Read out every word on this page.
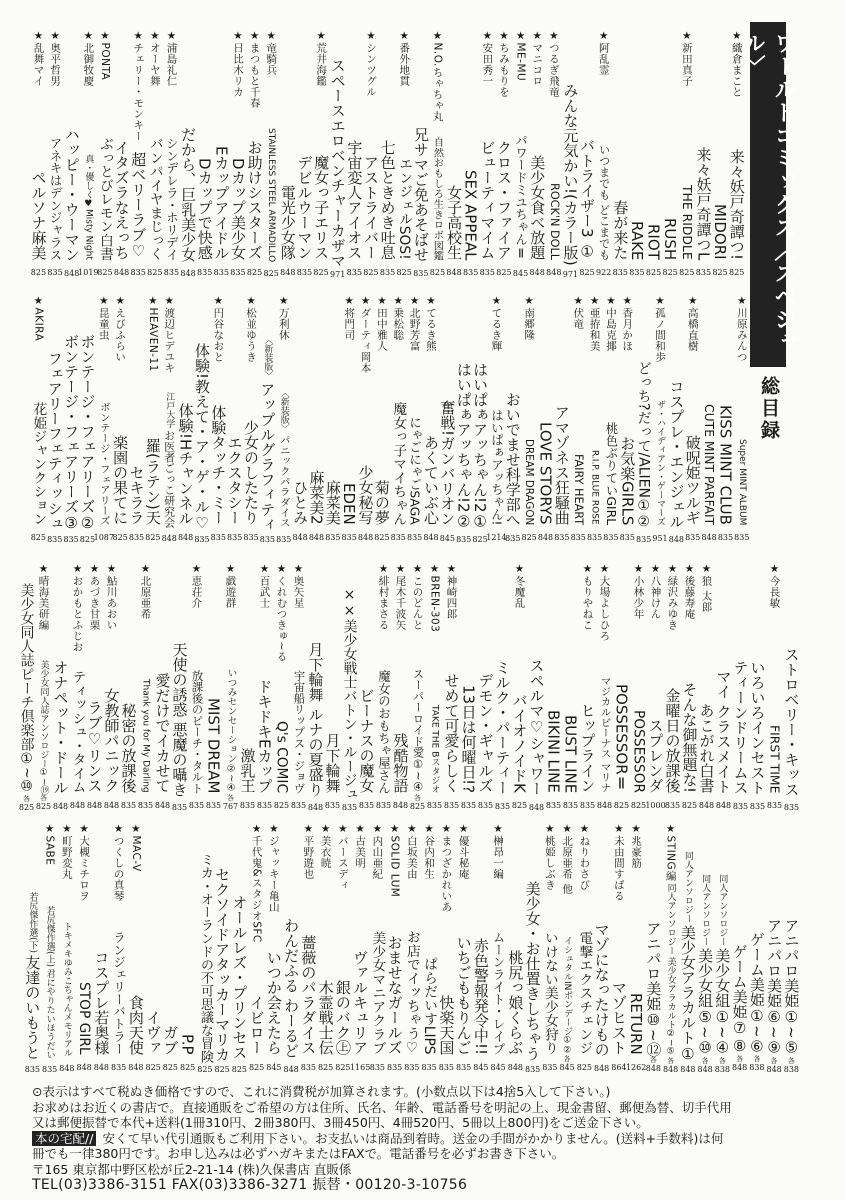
ワールドコミックス〈スペシャル〉
総目録
★織倉まこと
来々妖戸奇譚つ!
825
MIDORI
825
来々妖戸奇譚つL
835
★新田真子
THE RIDDLE
825
RUSH
825
RIOT
825
RAKE
835
春が来た
835
★阿乱霊
いつまでも どこまでも
922
バトライザー3 ①
825
みんな元気かい!(カラー版)
971
★つるぎ飛竜
ROCK'N DOLL
848
★マニコロ
美少女食べ放題
848
★ME-MU
パワードミユちゃんⅡ
845
★ちみもりを
クロス・ファイア
825
★安田秀一
ビューティマイム
835
SEX APPEAL
835
女子高校生
848
★N.O.ちゃちゃ丸
自然おもしろ生きロボ図鑑
825
兄サマご免あそばせ
835
★番外地貫
エンジェルSOS!
825
七色ときめき吐息
835
★シンツグル
アストライバー
825
宇宙変人アイオス
835
スペースエロベンチャーカザマ
971
★荒井海鑑
魔女っ子エリス
825
デビルウーマン
835
電光少女隊
848
★竜騎兵
STAINLESS STEEL ARMADILLO
825
★まつもと千春
お助けシスターズ
825
★日比木リカ
Dカップ美少女
835
Eカップアイドル
835
Dカップで快感
835
だから、巨乳美少女
848
★浦島礼仁
シンデレラ・ホリデイ
835
★オーヤ舞
バンパイヤまじっく
825
★チェリー・モンキー
超ベリーラブ♡
835
イタズラなえっち
848
★PONTA
ぶっとびレモン白書
825
★北御牧慶
真・優しく♥Misty Night
1019
ハッピー・ウーマン
848
★奥平哲男
アネキはデンジャラス
835
★乱舞マイ
ペルソナ麻美
825
★川原みんつ
Super MINT ALBUM
835
KISS MINT CLUB
835
CUTE MINT PARFAIT
848
★高橋直樹
破呪姫ツルギ
835
コスプレ・エンジェル
848
★孤ノ間和歩
ザ・ハイディアン・ゲーマーズ
951
どっち?だって/ALIEN①②
835
★香月かほ
お気楽GIRLS
835
★中島克揶
桃色ぶりていGIRL
835
★亜拵和美
R.I.P. BLUE ROSE
835
★伏竜
FAIRY HEART
835
アマゾネス狂騒曲
835
LOVE STORYS
848
★南郷隆
DREAM DRAGON
825
おいでませ科学部へ
835
★てるき輝
はいぱぁアッちゃん!
1214
はいぱぁアッちゃん!2①
825
はいぱぁアッちゃん!2②
835
奮戦!ガンバリオン
845
★てるき熊
あくていぶ心
848
★北野芳富
にゃごにゃごSAGA
835
★乗松聡
魔女っ子マイちゃん
835
★田中雅人
菊の夢
825
★ダーティ岡本
少女秘写
848
★将門司
EDEN
835
麻菜美
835
麻菜美2
848
ひとみ
848
★万利休
〈新装版〉パニックパラダイス
835
〈新装版〉アップルグラフィティ
835
★松並ゆうき
少女のしたたり
835
エクスタシー
835
★円谷なおと
体験タッチ・ミー
835
体験!教えて・ア・ゲ・ル♡
835
体験!Hチャンネル
848
★渡辺ヒデユキ
江戸大学お医者ごっこ研究会
848
★HEAVEN-11
羅(ラテン)天
825
セキララ
835
★えびふらい
楽園の果てに
825
★昆童虫
ボンテージ・フェアリーズ
1087
ボンテージ・フェアリーズ②
825
ボンテージ・フェアリーズ③
835
フェアリーフェティッシュ
835
★AKIRA
花姫ジャンクション
825
ストロベリー・キッス
835
★今長敏
FIRST TIME
835
いろいろインセスト
835
ティーンドリームス
835
マイ クラスメイト
848
★狼 太郎
あこがれ白書
848
★後藤寿庵
そんな御無題な!
825
★緑沢みゆき
金曜日の放課後
835
★八神けん
スプレンダ
1000
★小林少年
POSSESSOR
825
POSSESSORⅡ
825
★大場よしひろ
マジカルビーナス マリナ
848
★もりやねこ
ヒップライン
835
BUST LINE
835
BIKINI LINE
835
スペルマ♡シャワー
848
★冬魔乱
バイオノイドK
825
ミルク・パーティー
835
デモン・ギャルズ
835
13日は何曜日!?
835
★神崎四郎
せめて可愛らしく
835
★BREN-303
TAKE THE Bスタジオ
835
★このどんと
スーパーロイド愛①~④
各
825
★尾木千波矢
残酷物語
848
★緋村まさる
魔女のおもちゃ屋さん
835
ビーナスの魔女
835
××美少女戦士バトン・ルージュ
835
月下輪舞
835
月下輪舞 ルナの夏盛り
848
★奥矢星
宇宙船リップス・ジョヴ
835
★くれむつきゅ~る
Q's COMIC
825
★百武士
ドキドキEカップ
835
激乳王
835
★戯遊群
いつみセンセーション②~④
各
767
MIST DREAM
835
★恵荘介
放課後のピーチ・タルト
835
天使の誘惑 悪魔の囁き
835
愛だけでイカせて
848
★北原亜希
Thank you for My Darling
835
秘密の放課後
835
★鮎川あおい
女教師パニック
848
★あづき甘栗
ラブ♡リンス
848
★おかもとふじお
ティッシュ・タイム
848
オナペット・ドール
848
★晴海美研編
美少女同人誌アンソロジー①~⑲
各
825
美少女同人誌ピーチ倶楽部①~⑩
各
825
アニパロ美姫①~⑤
各
838
アニパロ美姫⑥~⑨
各
848
ゲーム美姫①~⑥
各
838
ゲーム美姫⑦⑧
各
848
同人アンソロジー美少女組①~④
各
838
同人アンソロジー美少女組⑤~⑩
各
848
同人アンソロジー美少女アラカルト①
848
★STING編
同人アンソロジー美少女アラカルト②~⑤
各
848
アニパロ美姫⑩~⑫
各
848
★兆豪筋
RETURN
1262
★未由間すばる
マゾヒスト
864
マゾになったけもの
848
★ねりわさび
電撃エクスチェンジ
825
★北原亜希 他
イシュタルINボンデージ①②
各
845
★桃姫しぶき
いけない美少女狩り
835
美少女・お仕置きしちゃう
835
桃尻っ娘くらぶ
848
★榊昂一編
ムーンライト・レイプ
845
赤色警報発令中!!
845
★優斗秘庵
いちごももりんご
835
★まつざかれいあ
快楽天国
835
★谷内和生
ぱらだいすLIPS
835
★白坂美由
お店でイッちゃう♡
835
★SOLID LUM
おませなガールズ
835
★内山亜紀
美少女マニアクラブ
835
★古美明
ヴァルキュリア
1165
★バースディ
銀のバク㊤
825
★美衣暁
木霊戦士伝
825
★平野遊也
薔薇のパラダイス
835
わんだふる わーるど
848
★ジャッキー亀山
いつか会えたら
845
★千代鬼&スタジオSFC
イビロー
825
オールレズ・プリンセス
825
セクソイドアタッカーマリカ
825
ミカ・オーランドの不可思議な冒険
825
P.P
825
ガブ
825
イヴァ
825
★MAC-V
食肉天使
848
★つくしの真琴
ランジェリーバトラー
835
コスプレ若奥様
848
★大槻ミチロヲ
STOP GIRL
848
★町野変丸
トキメキゆみこちゃんメモリアル
848
★SABE
若尻傑作選(上)君にやりたいほうだい
835
若尻傑作選(下)友達のいもうと
835
⊙表示はすべて税ぬき価格ですので、これに消費税が加算されます。(小数点以下は4捨5入して下さい。)
お求めはお近くの書店で。直接通販をご希望の方は住所、氏名、年齢、電話番号を明記の上、現金書留、郵便為替、切手代用
又は郵便振替で本代+送料(1冊310円、2冊380円、3冊450円、4冊520円、5冊以上800円)をご送金下さい。
本の宅配// 安くて早い代引通販もご利用下さい。お支払いは商品到着時。送金の手間がかかりません。(送料+手数料)は何
冊でも一律380円です。お申し込みは必ずハガキまたはFAXで。電話番号を必ずお書き下さい。
〒165 東京都中野区松が丘2-21-14 (株)久保書店 直販係
TEL(03)3386-3151 FAX(03)3386-3271 振替・00120-3-10756
